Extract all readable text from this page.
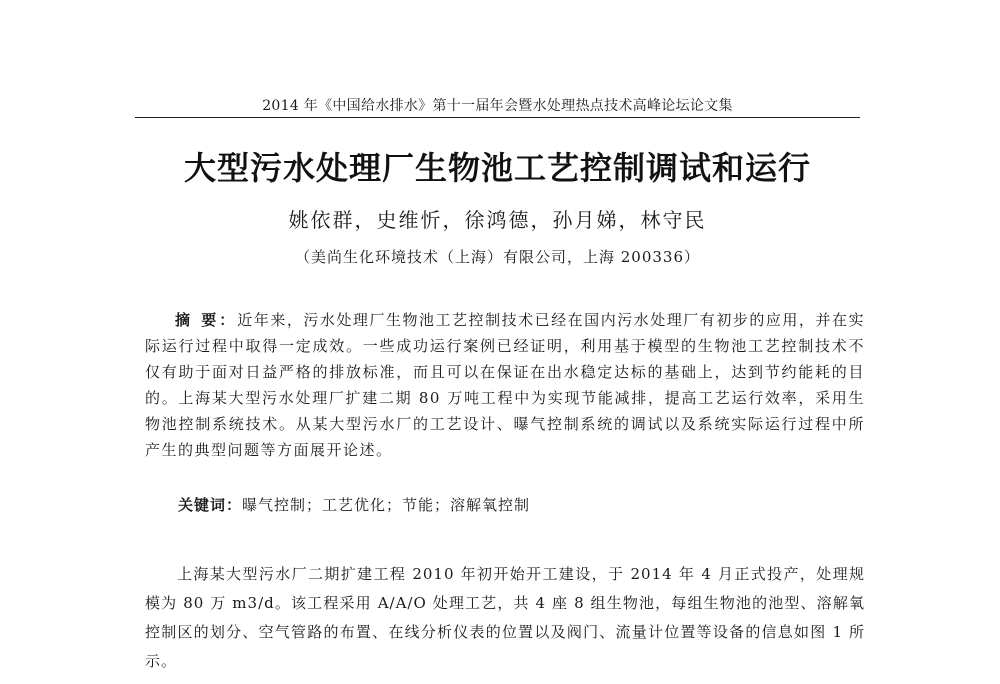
2014 年《中国给水排水》第十一届年会暨水处理热点技术高峰论坛论文集
大型污水处理厂生物池工艺控制调试和运行
姚依群，史维忻，徐鸿德，孙月娣，林守民
（美尚生化环境技术（上海）有限公司，上海 200336）
摘 要：近年来，污水处理厂生物池工艺控制技术已经在国内污水处理厂有初步的应用，并在实际运行过程中取得一定成效。一些成功运行案例已经证明，利用基于模型的生物池工艺控制技术不仅有助于面对日益严格的排放标准，而且可以在保证在出水稳定达标的基础上，达到节约能耗的目的。上海某大型污水处理厂扩建二期 80 万吨工程中为实现节能减排，提高工艺运行效率，采用生物池控制系统技术。从某大型污水厂的工艺设计、曝气控制系统的调试以及系统实际运行过程中所产生的典型问题等方面展开论述。
关键词：曝气控制；工艺优化；节能；溶解氧控制
上海某大型污水厂二期扩建工程 2010 年初开始开工建设，于 2014 年 4 月正式投产，处理规模为 80 万 m3/d。该工程采用 A/A/O 处理工艺，共 4 座 8 组生物池，每组生物池的池型、溶解氧控制区的划分、空气管路的布置、在线分析仪表的位置以及阀门、流量计位置等设备的信息如图 1 所示。
